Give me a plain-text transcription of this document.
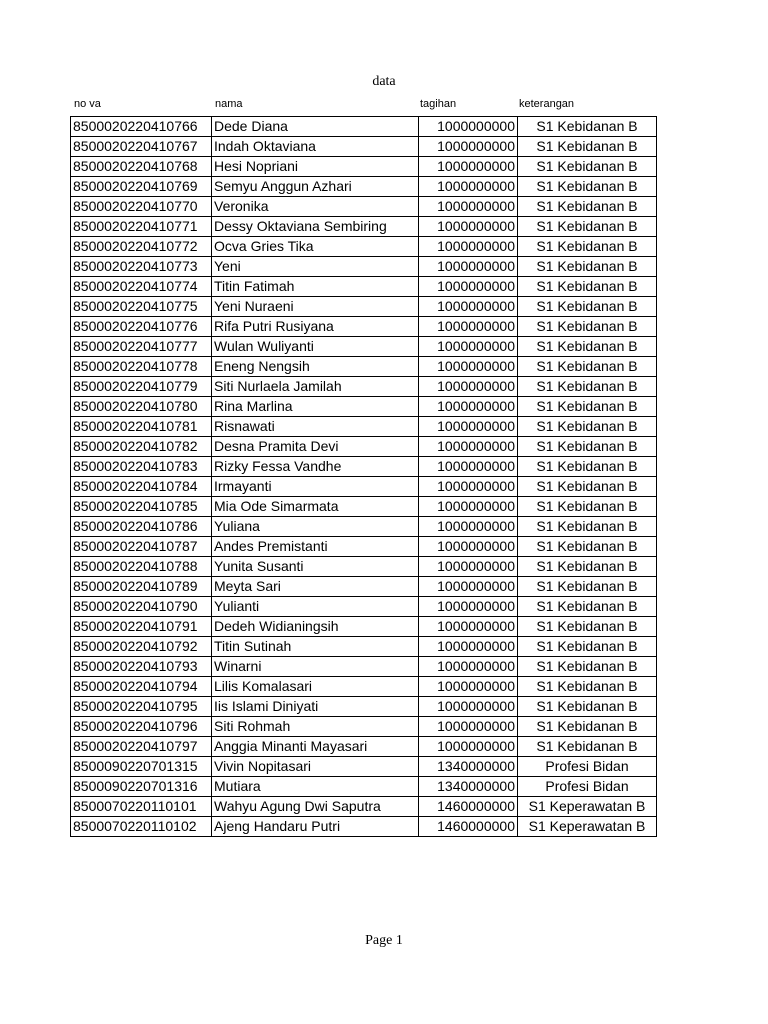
data
no va	nama	tagihan	keterangan
8500020220410766	Dede Diana	1000000000	S1 Kebidanan B
8500020220410767	Indah Oktaviana	1000000000	S1 Kebidanan B
8500020220410768	Hesi Nopriani	1000000000	S1 Kebidanan B
8500020220410769	Semyu Anggun Azhari	1000000000	S1 Kebidanan B
8500020220410770	Veronika	1000000000	S1 Kebidanan B
8500020220410771	Dessy Oktaviana Sembiring	1000000000	S1 Kebidanan B
8500020220410772	Ocva Gries Tika	1000000000	S1 Kebidanan B
8500020220410773	Yeni	1000000000	S1 Kebidanan B
8500020220410774	Titin Fatimah	1000000000	S1 Kebidanan B
8500020220410775	Yeni Nuraeni	1000000000	S1 Kebidanan B
8500020220410776	Rifa Putri Rusiyana	1000000000	S1 Kebidanan B
8500020220410777	Wulan Wuliyanti	1000000000	S1 Kebidanan B
8500020220410778	Eneng Nengsih	1000000000	S1 Kebidanan B
8500020220410779	Siti Nurlaela Jamilah	1000000000	S1 Kebidanan B
8500020220410780	Rina Marlina	1000000000	S1 Kebidanan B
8500020220410781	Risnawati	1000000000	S1 Kebidanan B
8500020220410782	Desna Pramita Devi	1000000000	S1 Kebidanan B
8500020220410783	Rizky Fessa Vandhe	1000000000	S1 Kebidanan B
8500020220410784	Irmayanti	1000000000	S1 Kebidanan B
8500020220410785	Mia Ode Simarmata	1000000000	S1 Kebidanan B
8500020220410786	Yuliana	1000000000	S1 Kebidanan B
8500020220410787	Andes Premistanti	1000000000	S1 Kebidanan B
8500020220410788	Yunita Susanti	1000000000	S1 Kebidanan B
8500020220410789	Meyta Sari	1000000000	S1 Kebidanan B
8500020220410790	Yulianti	1000000000	S1 Kebidanan B
8500020220410791	Dedeh Widianingsih	1000000000	S1 Kebidanan B
8500020220410792	Titin Sutinah	1000000000	S1 Kebidanan B
8500020220410793	Winarni	1000000000	S1 Kebidanan B
8500020220410794	Lilis Komalasari	1000000000	S1 Kebidanan B
8500020220410795	Iis Islami Diniyati	1000000000	S1 Kebidanan B
8500020220410796	Siti Rohmah	1000000000	S1 Kebidanan B
8500020220410797	Anggia Minanti Mayasari	1000000000	S1 Kebidanan B
8500090220701315	Vivin Nopitasari	1340000000	Profesi Bidan
8500090220701316	Mutiara	1340000000	Profesi Bidan
8500070220110101	Wahyu Agung Dwi Saputra	1460000000	S1 Keperawatan B
8500070220110102	Ajeng Handaru Putri	1460000000	S1 Keperawatan B
Page 1
